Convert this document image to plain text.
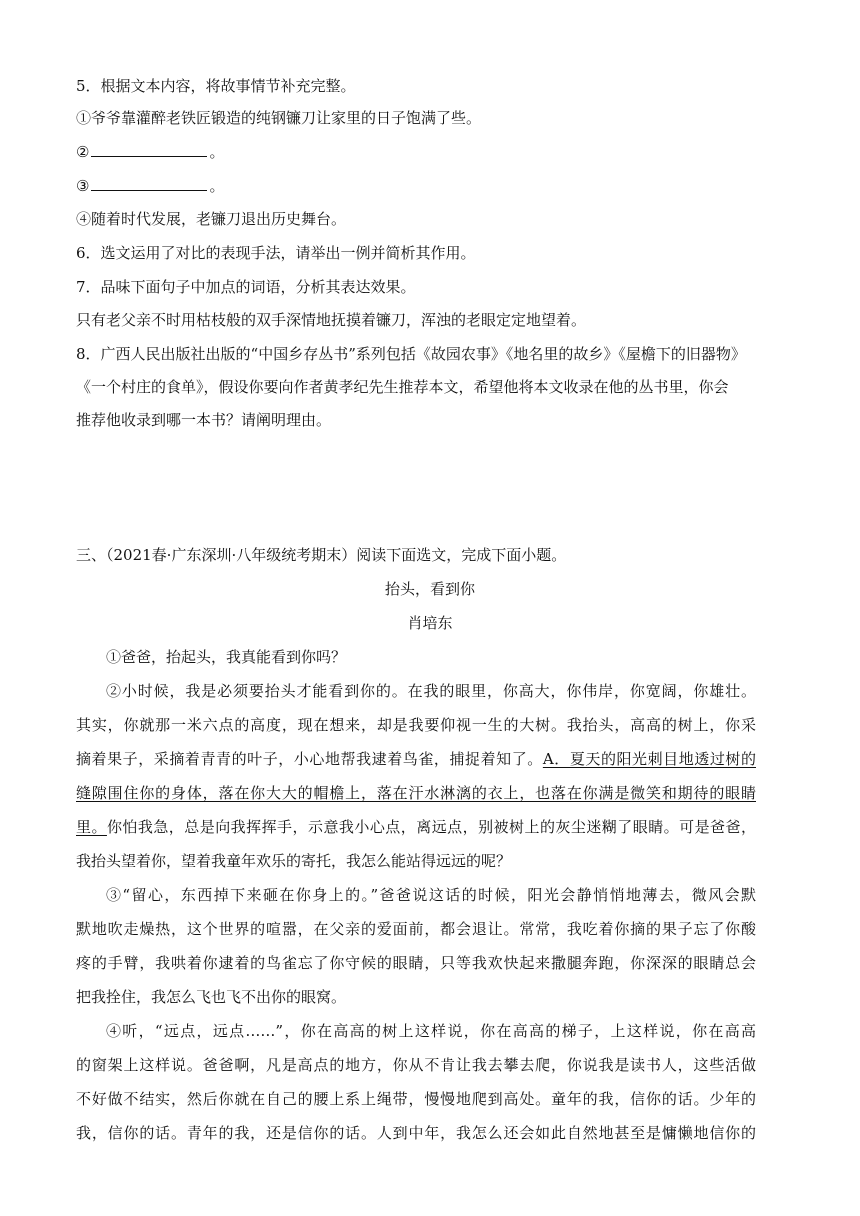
5．根据文本内容，将故事情节补充完整。
①爷爷靠灌醉老铁匠锻造的纯钢镰刀让家里的日子饱满了些。
②	。
③	。
④随着时代发展，老镰刀退出历史舞台。
6．选文运用了对比的表现手法，请举出一例并简析其作用。
7．品味下面句子中加点的词语，分析其表达效果。
只有老父亲不时用枯枝般的双手深情地抚摸着镰刀，浑浊的老眼定定地望着。
8．广西人民出版社出版的“中国乡存丛书”系列包括《故园农事》《地名里的故乡》《屋檐下的旧器物》
《一个村庄的食单》，假设你要向作者黄孝纪先生推荐本文，希望他将本文收录在他的丛书里，你会
推荐他收录到哪一本书？请阐明理由。
三、（2021春·广东深圳·八年级统考期末）阅读下面选文，完成下面小题。
抬头，看到你
肖培东
①爸爸，抬起头，我真能看到你吗？
②小时候，我是必须要抬头才能看到你的。在我的眼里，你高大，你伟岸，你宽阔，你雄壮。
其实，你就那一米六点的高度，现在想来，却是我要仰视一生的大树。我抬头，高高的树上，你采
摘着果子，采摘着青青的叶子，小心地帮我逮着鸟雀，捕捉着知了。A．夏天的阳光刺目地透过树的
缝隙围住你的身体，落在你大大的帽檐上，落在汗水淋漓的衣上，也落在你满是微笑和期待的眼睛
里。你怕我急，总是向我挥挥手，示意我小心点，离远点，别被树上的灰尘迷糊了眼睛。可是爸爸，
我抬头望着你，望着我童年欢乐的寄托，我怎么能站得远远的呢？
③“留心，东西掉下来砸在你身上的。”爸爸说这话的时候，阳光会静悄悄地薄去，微风会默
默地吹走燥热，这个世界的喧嚣，在父亲的爱面前，都会退让。常常，我吃着你摘的果子忘了你酸
疼的手臂，我哄着你逮着的鸟雀忘了你守候的眼睛，只等我欢快起来撒腿奔跑，你深深的眼睛总会
把我拴住，我怎么飞也飞不出你的眼窝。
④听，“远点，远点……”，你在高高的树上这样说，你在高高的梯子，上这样说，你在高高
的窗架上这样说。爸爸啊，凡是高点的地方，你从不肯让我去攀去爬，你说我是读书人，这些活做
不好做不结实，然后你就在自己的腰上系上绳带，慢慢地爬到高处。童年的我，信你的话。少年的
我，信你的话。青年的我，还是信你的话。人到中年，我怎么还会如此自然地甚至是慵懒地信你的
